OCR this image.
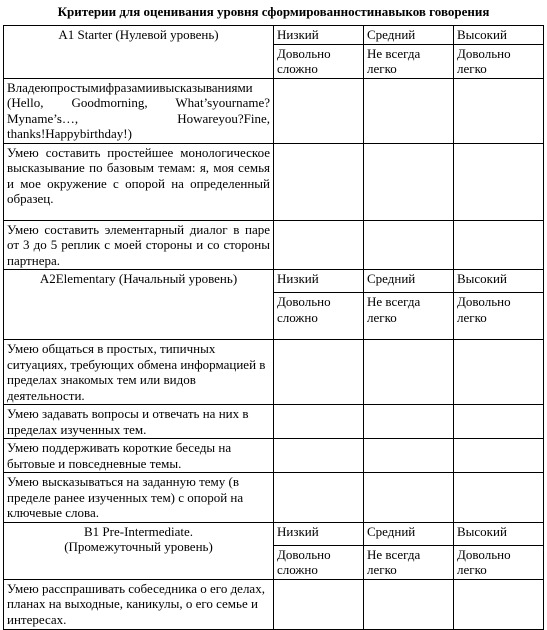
Критерии для оценивания уровня сформированностинавыков говорения
A1 Starter (Нулевой уровень)	Низкий	Средний	Высокий
	Довольно сложно	Не всегда легко	Довольно легко
Владеюпростымифразамиивысказываниями (Hello, Goodmorning, What’syourname?Myname’s…, Howareyou?Fine, thanks!Happybirthday!)			
Умею составить простейшее монологическое высказывание по базовым темам: я, моя семья и мое окружение с опорой на определенный образец.			
Умею составить элементарный диалог в паре от 3 до 5 реплик с моей стороны и со стороны партнера.			

A2Elementary (Начальный уровень)	Низкий	Средний	Высокий
	Довольно сложно	Не всегда легко	Довольно легко
Умею общаться в простых, типичных ситуациях, требующих обмена информацией в пределах знакомых тем или видов деятельности.			
Умею задавать вопросы и отвечать на них в пределах изученных тем.			
Умею поддерживать короткие беседы на бытовые и повседневные темы.			
Умею высказываться на заданную тему (в пределе ранее изученных тем) с опорой на ключевые слова.			

B1 Pre-Intermediate.
(Промежуточный уровень)	Низкий	Средний	Высокий
	Довольно сложно	Не всегда легко	Довольно легко
Умею расспрашивать собеседника о его делах, планах на выходные, каникулы, о его семье и интересах.			
